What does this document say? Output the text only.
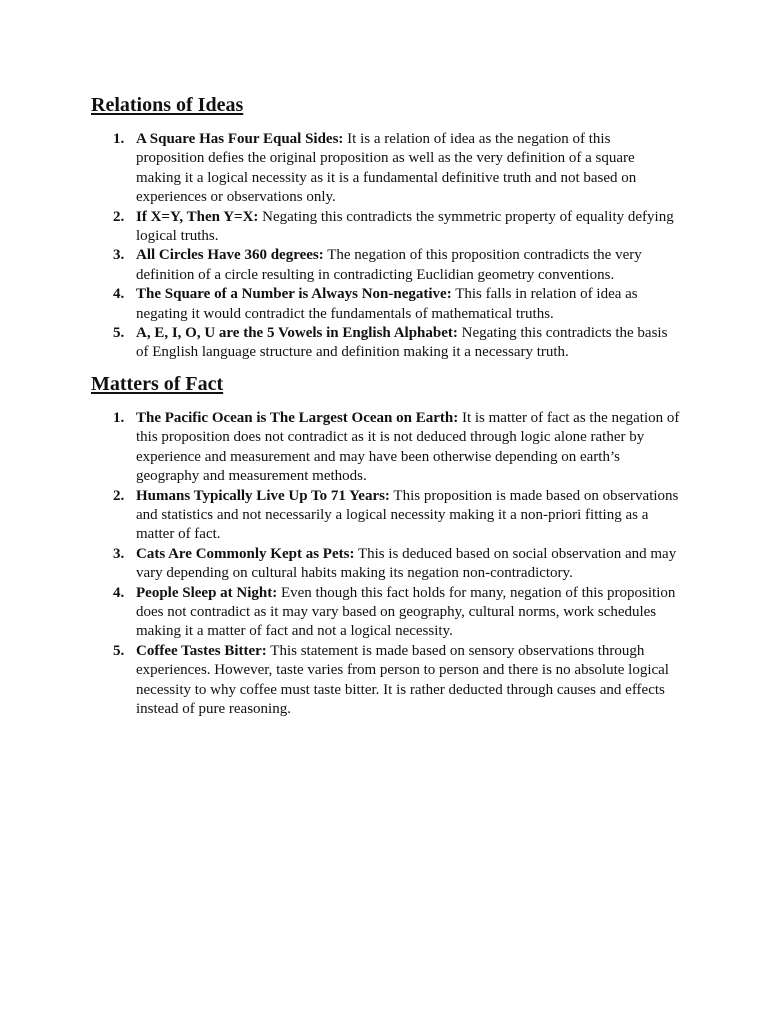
Relations of Ideas
1. A Square Has Four Equal Sides: It is a relation of idea as the negation of this proposition defies the original proposition as well as the very definition of a square making it a logical necessity as it is a fundamental definitive truth and not based on experiences or observations only.
2. If X=Y, Then Y=X: Negating this contradicts the symmetric property of equality defying logical truths.
3. All Circles Have 360 degrees: The negation of this proposition contradicts the very definition of a circle resulting in contradicting Euclidian geometry conventions.
4. The Square of a Number is Always Non-negative: This falls in relation of idea as negating it would contradict the fundamentals of mathematical truths.
5. A, E, I, O, U are the 5 Vowels in English Alphabet: Negating this contradicts the basis of English language structure and definition making it a necessary truth.
Matters of Fact
1. The Pacific Ocean is The Largest Ocean on Earth: It is matter of fact as the negation of this proposition does not contradict as it is not deduced through logic alone rather by experience and measurement and may have been otherwise depending on earth’s geography and measurement methods.
2. Humans Typically Live Up To 71 Years: This proposition is made based on observations and statistics and not necessarily a logical necessity making it a non-priori fitting as a matter of fact.
3. Cats Are Commonly Kept as Pets: This is deduced based on social observation and may vary depending on cultural habits making its negation non-contradictory.
4. People Sleep at Night: Even though this fact holds for many, negation of this proposition does not contradict as it may vary based on geography, cultural norms, work schedules making it a matter of fact and not a logical necessity.
5. Coffee Tastes Bitter: This statement is made based on sensory observations through experiences. However, taste varies from person to person and there is no absolute logical necessity to why coffee must taste bitter. It is rather deducted through causes and effects instead of pure reasoning.
